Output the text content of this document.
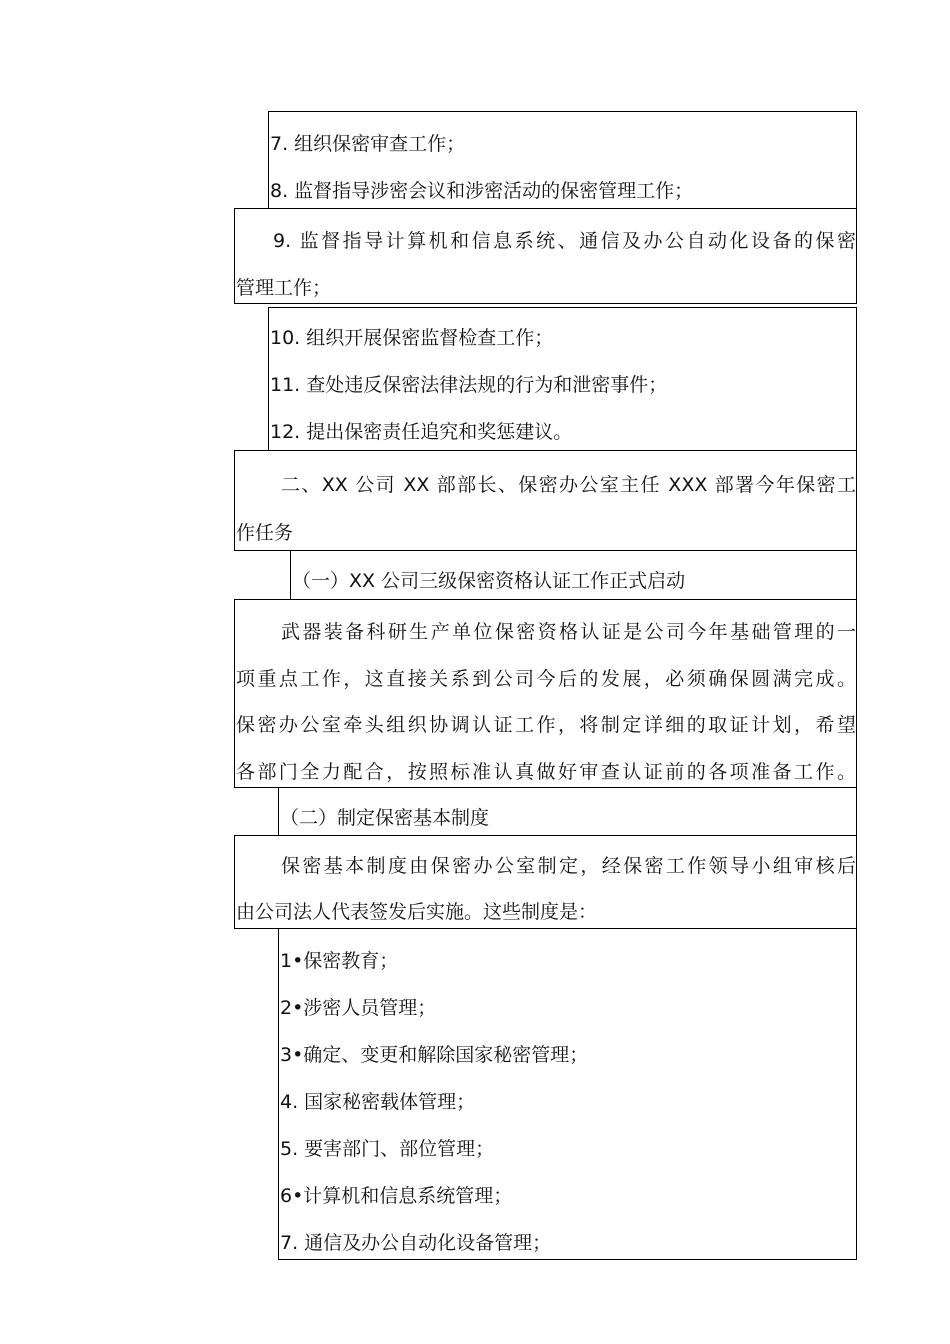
7. 组织保密审查工作；
8. 监督指导涉密会议和涉密活动的保密管理工作；
9. 监督指导计算机和信息系统、通信及办公自动化设备的保密
管理工作；
10. 组织开展保密监督检查工作；
11. 查处违反保密法律法规的行为和泄密事件；
12. 提出保密责任追究和奖惩建议。
二、XX 公司 XX 部部长、保密办公室主任 XXX 部署今年保密工
作任务
（一）XX 公司三级保密资格认证工作正式启动
武器装备科研生产单位保密资格认证是公司今年基础管理的一
项重点工作，这直接关系到公司今后的发展，必须确保圆满完成。
保密办公室牵头组织协调认证工作，将制定详细的取证计划，希望
各部门全力配合，按照标准认真做好审查认证前的各项准备工作。
（二）制定保密基本制度
保密基本制度由保密办公室制定，经保密工作领导小组审核后
由公司法人代表签发后实施。这些制度是：
1•保密教育；
2•涉密人员管理；
3•确定、变更和解除国家秘密管理；
4. 国家秘密载体管理；
5. 要害部门、部位管理；
6•计算机和信息系统管理；
7. 通信及办公自动化设备管理；
